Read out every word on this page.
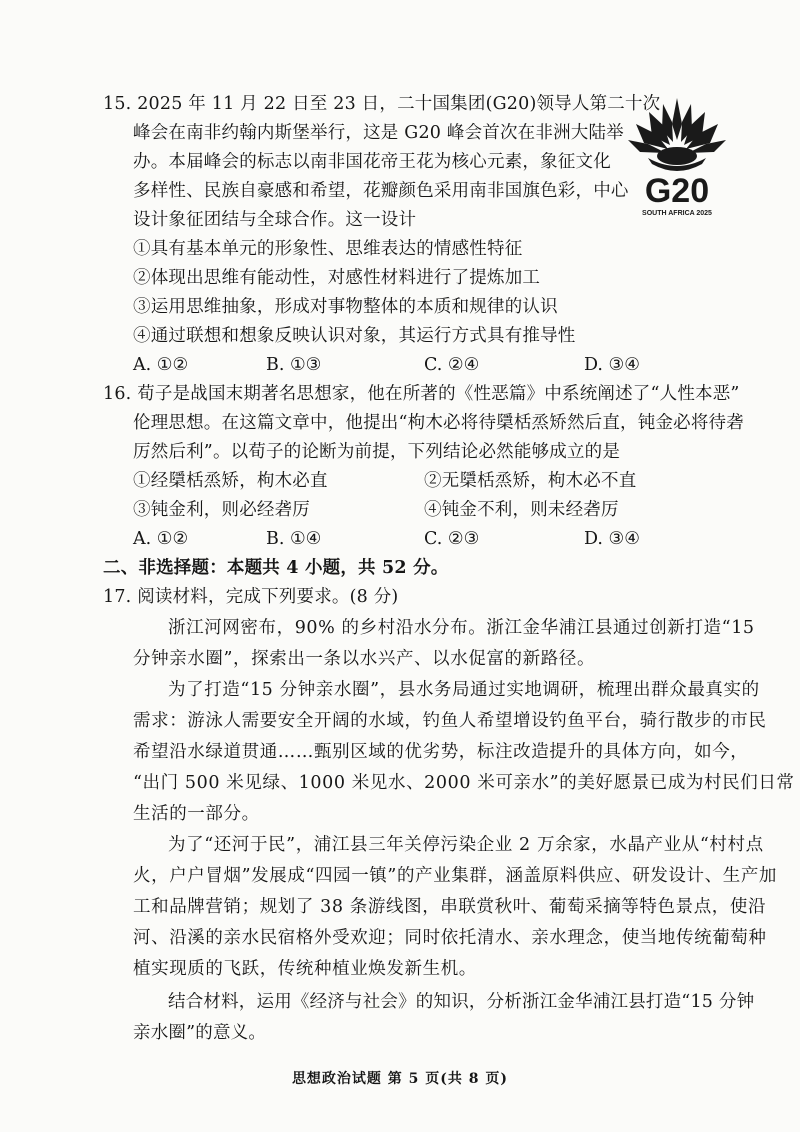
15. 2025 年 11 月 22 日至 23 日，二十国集团(G20)领导人第二十次
峰会在南非约翰内斯堡举行，这是 G20 峰会首次在非洲大陆举
办。本届峰会的标志以南非国花帝王花为核心元素，象征文化
多样性、民族自豪感和希望，花瓣颜色采用南非国旗色彩，中心
设计象征团结与全球合作。这一设计
①具有基本单元的形象性、思维表达的情感性特征
②体现出思维有能动性，对感性材料进行了提炼加工
③运用思维抽象，形成对事物整体的本质和规律的认识
④通过联想和想象反映认识对象，其运行方式具有推导性
A. ①②	B. ①③	C. ②④	D. ③④
G20
SOUTH AFRICA 2025
16. 荀子是战国末期著名思想家，他在所著的《性恶篇》中系统阐述了“人性本恶”
伦理思想。在这篇文章中，他提出“枸木必将待檃栝烝矫然后直，钝金必将待砻
厉然后利”。以荀子的论断为前提，下列结论必然能够成立的是
①经檃栝烝矫，枸木必直	②无檃栝烝矫，枸木必不直
③钝金利，则必经砻厉	④钝金不利，则未经砻厉
A. ①②	B. ①④	C. ②③	D. ③④
二、非选择题：本题共 4 小题，共 52 分。
17. 阅读材料，完成下列要求。(8 分)
浙江河网密布，90% 的乡村沿水分布。浙江金华浦江县通过创新打造“15
分钟亲水圈”，探索出一条以水兴产、以水促富的新路径。
为了打造“15 分钟亲水圈”，县水务局通过实地调研，梳理出群众最真实的
需求：游泳人需要安全开阔的水域，钓鱼人希望增设钓鱼平台，骑行散步的市民
希望沿水绿道贯通……甄别区域的优劣势，标注改造提升的具体方向，如今，
“出门 500 米见绿、1000 米见水、2000 米可亲水”的美好愿景已成为村民们日常
生活的一部分。
为了“还河于民”，浦江县三年关停污染企业 2 万余家，水晶产业从“村村点
火，户户冒烟”发展成“四园一镇”的产业集群，涵盖原料供应、研发设计、生产加
工和品牌营销；规划了 38 条游线图，串联赏秋叶、葡萄采摘等特色景点，使沿
河、沿溪的亲水民宿格外受欢迎；同时依托清水、亲水理念，使当地传统葡萄种
植实现质的飞跃，传统种植业焕发新生机。
结合材料，运用《经济与社会》的知识，分析浙江金华浦江县打造“15 分钟
亲水圈”的意义。
思想政治试题 第 5 页(共 8 页)
